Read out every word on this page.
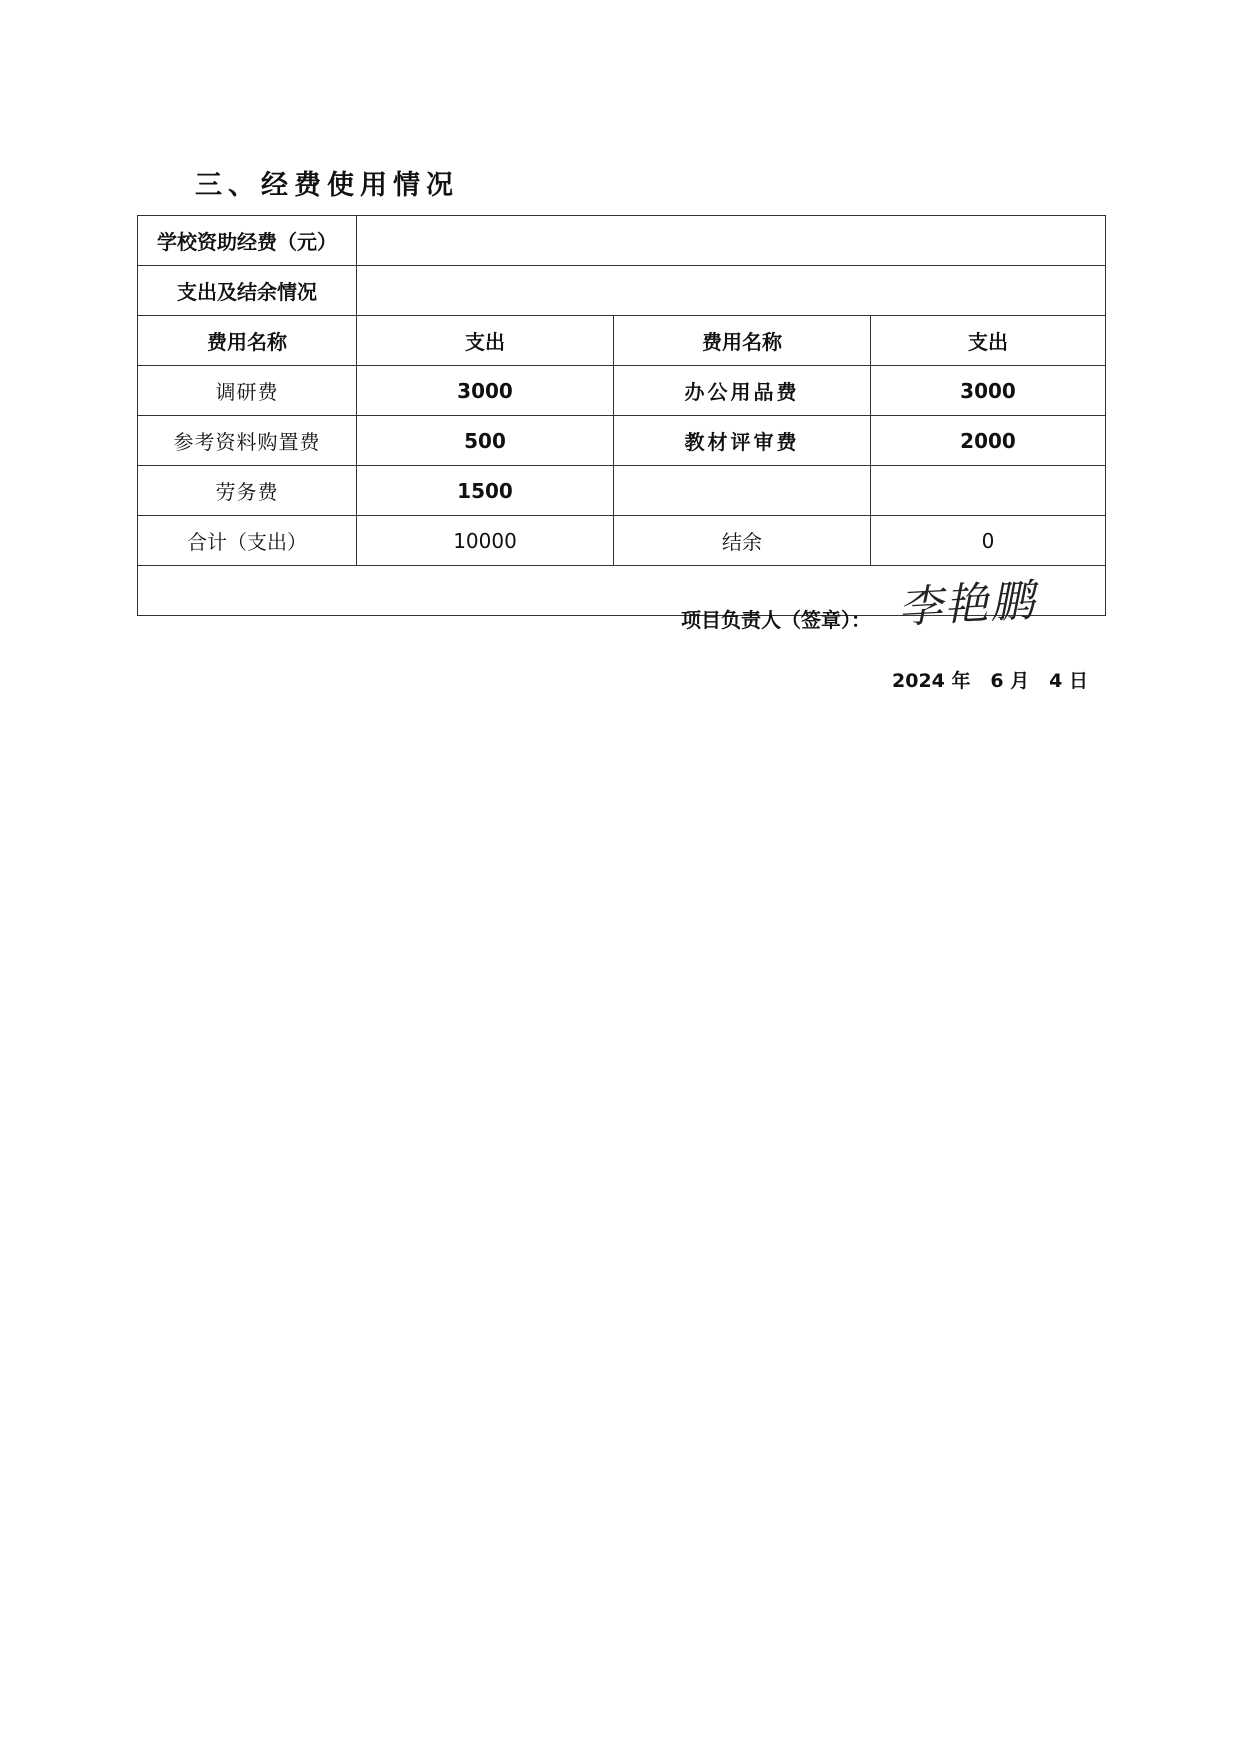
三、经费使用情况
学校资助经费（元）			
支出及结余情况			
费用名称	支出	费用名称	支出
调研费	3000	办公用品费	3000
参考资料购置费	500	教材评审费	2000
劳务费	1500		
合计（支出）	10000	结余	0

项目负责人（签章）： 李艳鹏
2024 年 6 月 4 日			
